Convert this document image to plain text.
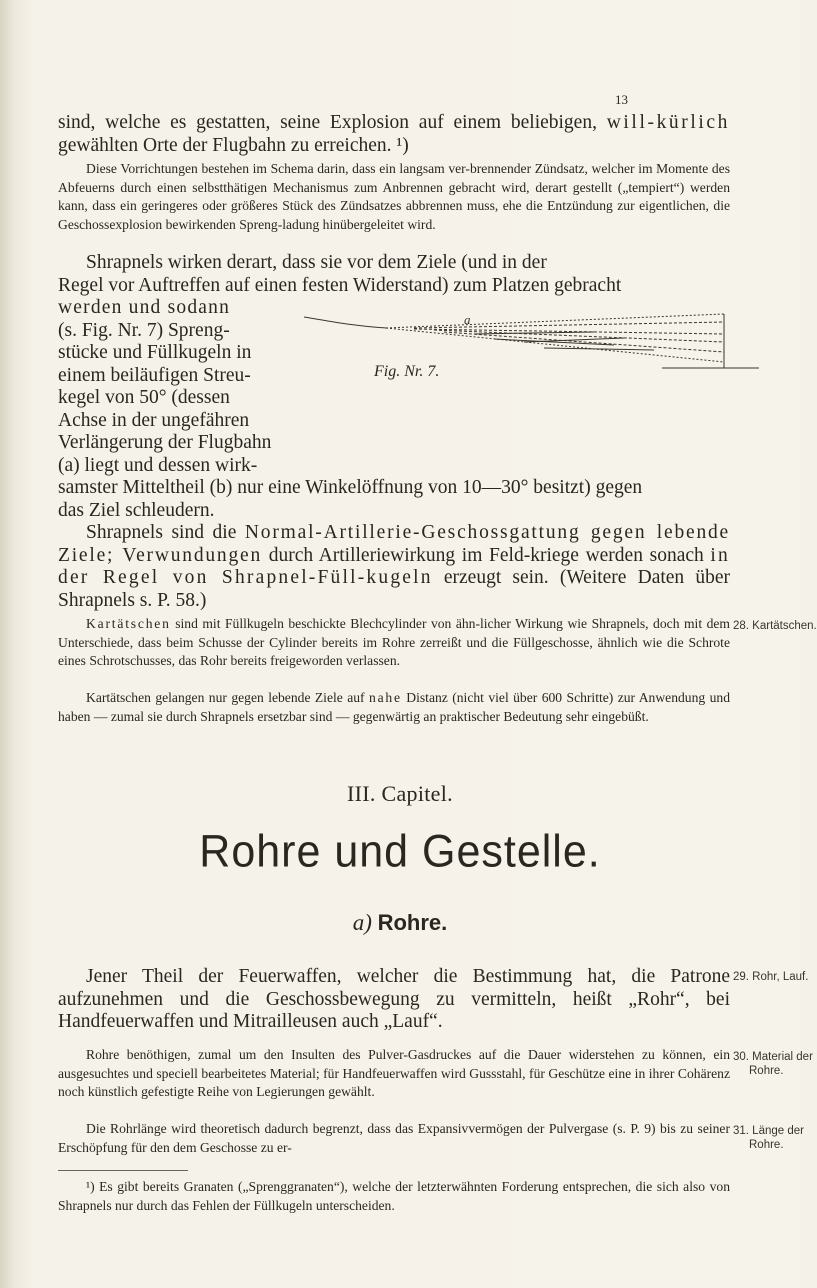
13

sind, welche es gestatten, seine Explosion auf einem beliebigen, will-kürlich gewählten Orte der Flugbahn zu erreichen. ¹)

Diese Vorrichtungen bestehen im Schema darin, dass ein langsam ver-brennender Zündsatz, welcher im Momente des Abfeuerns durch einen selbstthätigen Mechanismus zum Anbrennen gebracht wird, derart gestellt („tempiert“) werden kann, dass ein geringeres oder größeres Stück des Zündsatzes abbrennen muss, ehe die Entzündung zur eigentlichen, die Geschossexplosion bewirkenden Spreng-ladung hinübergeleitet wird.

Shrapnels wirken derart, dass sie vor dem Ziele (und in der
Regel vor Auftreffen auf einen festen Widerstand) zum Platzen gebracht
werden und sodann
(s. Fig. Nr. 7) Spreng-
stücke und Füllkugeln in
einem beiläufigen Streu-
kegel von 50° (dessen
Achse in der ungefähren
Verlängerung der Flugbahn
(a) liegt und dessen wirk-
samster Mitteltheil (b) nur eine Winkelöffnung von 10—30° besitzt) gegen
das Ziel schleudern.
a
Fig. Nr. 7.

Shrapnels sind die Normal-Artillerie-Geschossgattung gegen lebende Ziele; Verwundungen durch Artilleriewirkung im Feld-kriege werden sonach in der Regel von Shrapnel-Füll-kugeln erzeugt sein. (Weitere Daten über Shrapnels s. P. 58.)

Kartätschen sind mit Füllkugeln beschickte Blechcylinder von ähn-licher Wirkung wie Shrapnels, doch mit dem Unterschiede, dass beim Schusse der Cylinder bereits im Rohre zerreißt und die Füllgeschosse, ähnlich wie die Schrote eines Schrotschusses, das Rohr bereits freigeworden verlassen.

28. Kartätschen.

Kartätschen gelangen nur gegen lebende Ziele auf nahe Distanz (nicht viel über 600 Schritte) zur Anwendung und haben — zumal sie durch Shrapnels ersetzbar sind — gegenwärtig an praktischer Bedeutung sehr eingebüßt.

III. Capitel.
Rohre und Gestelle.
a) Rohre.

Jener Theil der Feuerwaffen, welcher die Bestimmung hat, die Patrone aufzunehmen und die Geschossbewegung zu vermitteln, heißt „Rohr“, bei Handfeuerwaffen und Mitrailleusen auch „Lauf“.

29. Rohr, Lauf.

Rohre benöthigen, zumal um den Insulten des Pulver-Gasdruckes auf die Dauer widerstehen zu können, ein ausgesuchtes und speciell bearbeitetes Material; für Handfeuerwaffen wird Gussstahl, für Geschütze eine in ihrer Cohärenz noch künstlich gefestigte Reihe von Legierungen gewählt.

30. Material der
Rohre.

Die Rohrlänge wird theoretisch dadurch begrenzt, dass das Expansivvermögen der Pulvergase (s. P. 9) bis zu seiner Erschöpfung für den dem Geschosse zu er-

31. Länge der
Rohre.

¹) Es gibt bereits Granaten („Sprenggranaten“), welche der letzterwähnten Forderung entsprechen, die sich also von Shrapnels nur durch das Fehlen der Füllkugeln unterscheiden.
